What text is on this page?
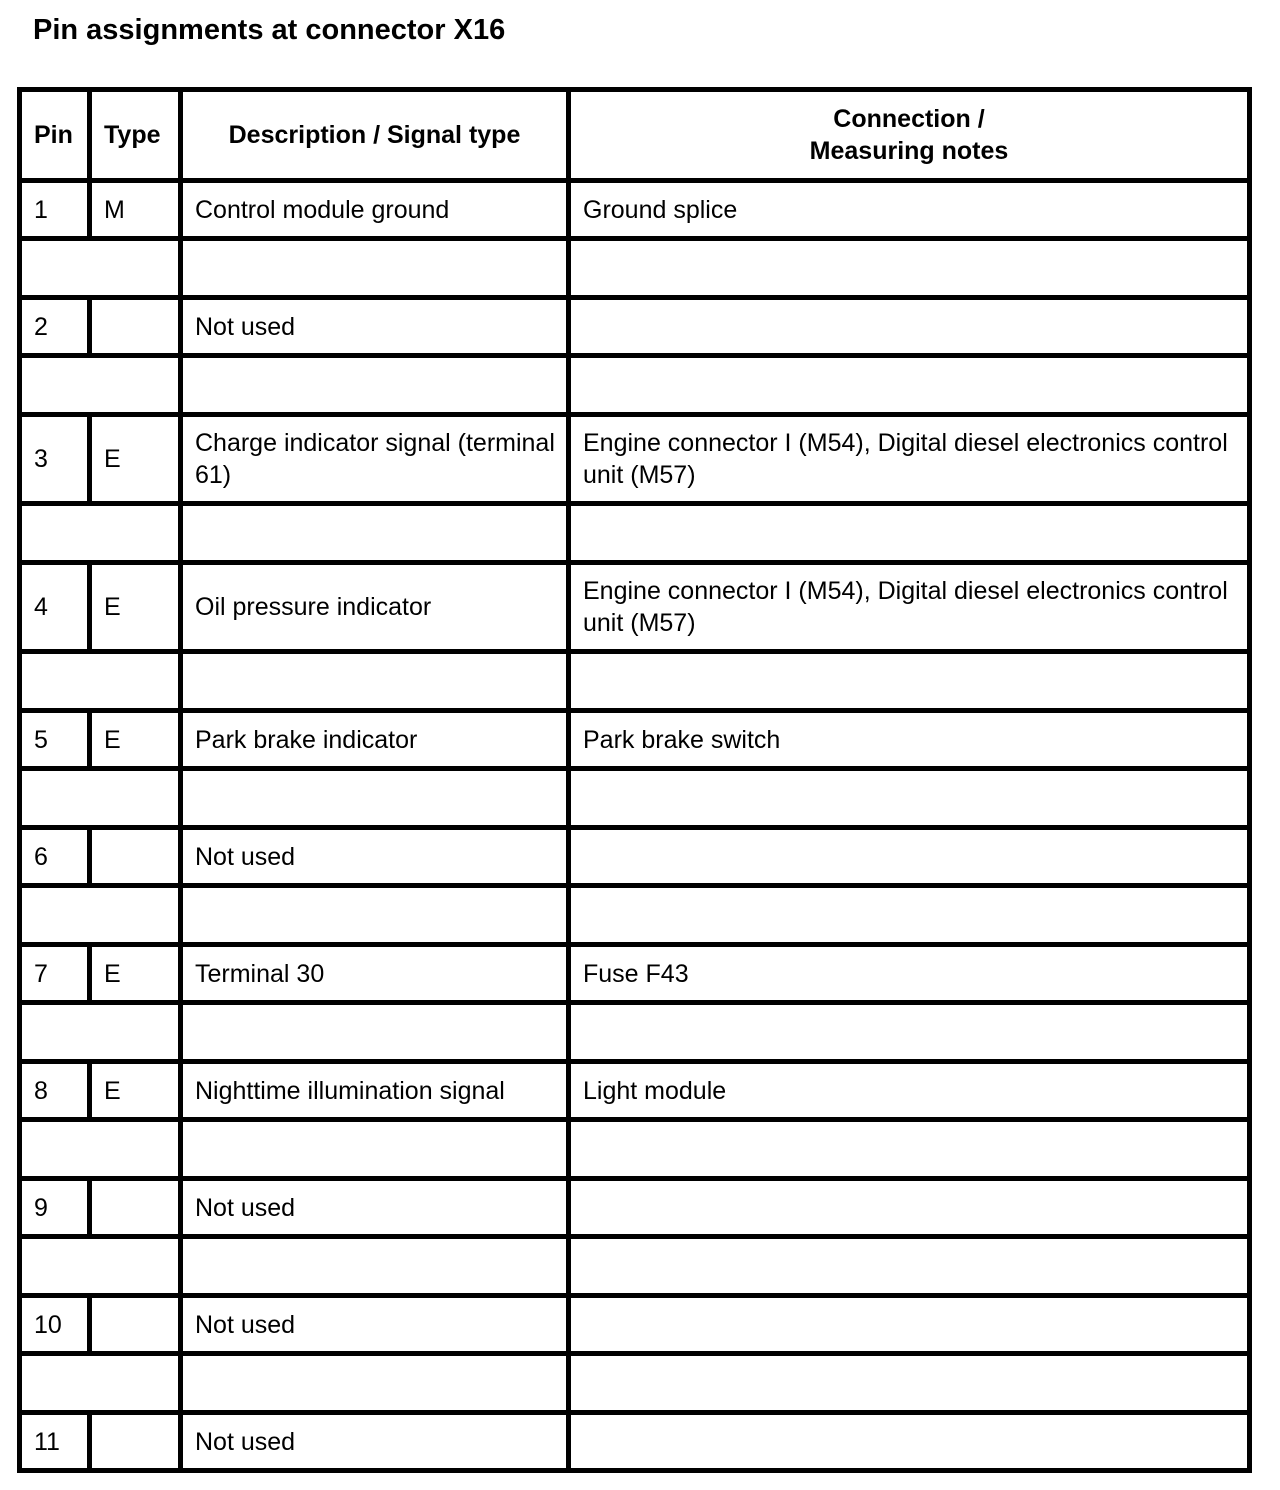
Pin assignments at connector X16
Pin	Type	Description / Signal type	Connection /
Measuring notes

1	M	Control module ground	Ground splice

2		Not used	

3	E	Charge indicator signal (terminal 61)	Engine connector I (M54), Digital diesel electronics control unit (M57)

4	E	Oil pressure indicator	Engine connector I (M54), Digital diesel electronics control unit (M57)

5	E	Park brake indicator	Park brake switch

6		Not used	

7	E	Terminal 30	Fuse F43

8	E	Nighttime illumination signal	Light module

9		Not used	

10		Not used	

11		Not used	
